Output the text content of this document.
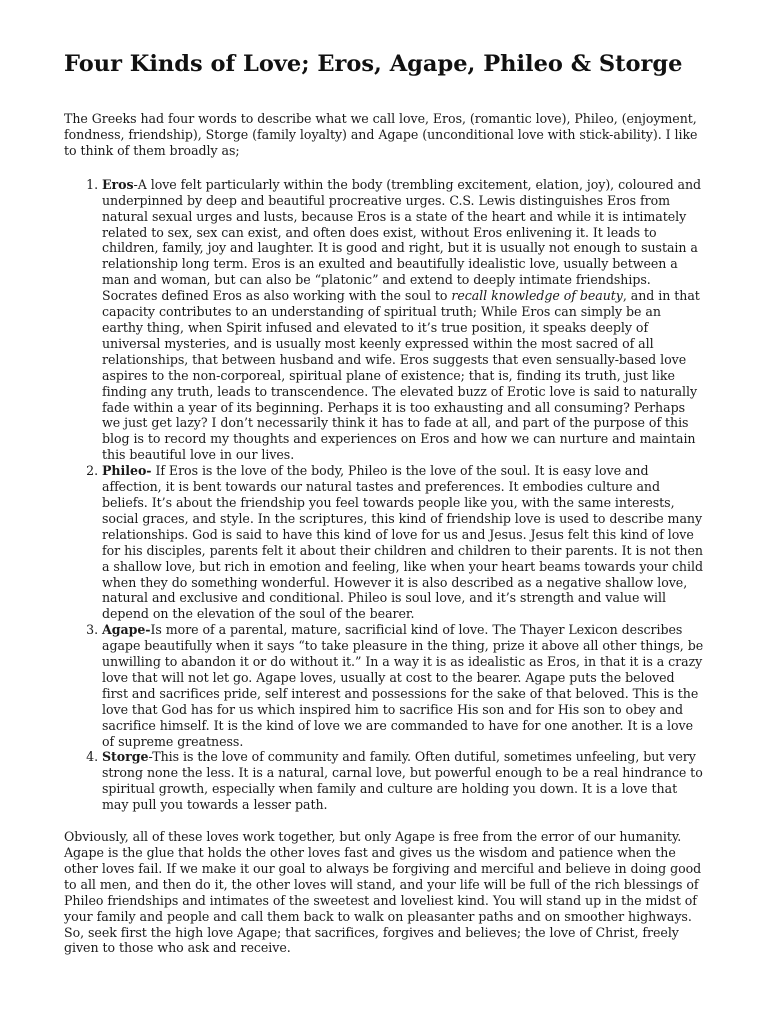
Four Kinds of Love; Eros, Agape, Phileo & Storge

The Greeks had four words to describe what we call love, Eros, (romantic love), Phileo, (enjoyment, fondness, friendship), Storge (family loyalty) and Agape (unconditional love with stick-ability). I like to think of them broadly as;

1. Eros-A love felt particularly within the body (trembling excitement, elation, joy), coloured and underpinned by deep and beautiful procreative urges. C.S. Lewis distinguishes Eros from natural sexual urges and lusts, because Eros is a state of the heart and while it is intimately related to sex, sex can exist, and often does exist, without Eros enlivening it. It leads to children, family, joy and laughter. It is good and right, but it is usually not enough to sustain a relationship long term. Eros is an exulted and beautifully idealistic love, usually between a man and woman, but can also be “platonic” and extend to deeply intimate friendships. Socrates defined Eros as also working with the soul to recall knowledge of beauty, and in that capacity contributes to an understanding of spiritual truth; While Eros can simply be an earthy thing, when Spirit infused and elevated to it’s true position, it speaks deeply of universal mysteries, and is usually most keenly expressed within the most sacred of all relationships, that between husband and wife. Eros suggests that even sensually-based love aspires to the non-corporeal, spiritual plane of existence; that is, finding its truth, just like finding any truth, leads to transcendence. The elevated buzz of Erotic love is said to naturally fade within a year of its beginning. Perhaps it is too exhausting and all consuming? Perhaps we just get lazy? I don’t necessarily think it has to fade at all, and part of the purpose of this blog is to record my thoughts and experiences on Eros and how we can nurture and maintain this beautiful love in our lives.
2. Phileo- If Eros is the love of the body, Phileo is the love of the soul. It is easy love and affection, it is bent towards our natural tastes and preferences. It embodies culture and beliefs. It’s about the friendship you feel towards people like you, with the same interests, social graces, and style. In the scriptures, this kind of friendship love is used to describe many relationships. God is said to have this kind of love for us and Jesus. Jesus felt this kind of love for his disciples, parents felt it about their children and children to their parents. It is not then a shallow love, but rich in emotion and feeling, like when your heart beams towards your child when they do something wonderful. However it is also described as a negative shallow love, natural and exclusive and conditional. Phileo is soul love, and it’s strength and value will depend on the elevation of the soul of the bearer.
3. Agape-Is more of a parental, mature, sacrificial kind of love. The Thayer Lexicon describes agape beautifully when it says “to take pleasure in the thing, prize it above all other things, be unwilling to abandon it or do without it.” In a way it is as idealistic as Eros, in that it is a crazy love that will not let go. Agape loves, usually at cost to the bearer. Agape puts the beloved first and sacrifices pride, self interest and possessions for the sake of that beloved. This is the love that God has for us which inspired him to sacrifice His son and for His son to obey and sacrifice himself. It is the kind of love we are commanded to have for one another. It is a love of supreme greatness.
4. Storge-This is the love of community and family. Often dutiful, sometimes unfeeling, but very strong none the less. It is a natural, carnal love, but powerful enough to be a real hindrance to spiritual growth, especially when family and culture are holding you down. It is a love that may pull you towards a lesser path.

Obviously, all of these loves work together, but only Agape is free from the error of our humanity. Agape is the glue that holds the other loves fast and gives us the wisdom and patience when the other loves fail. If we make it our goal to always be forgiving and merciful and believe in doing good to all men, and then do it, the other loves will stand, and your life will be full of the rich blessings of Phileo friendships and intimates of the sweetest and loveliest kind. You will stand up in the midst of your family and people and call them back to walk on pleasanter paths and on smoother highways. So, seek first the high love Agape; that sacrifices, forgives and believes; the love of Christ, freely given to those who ask and receive.
